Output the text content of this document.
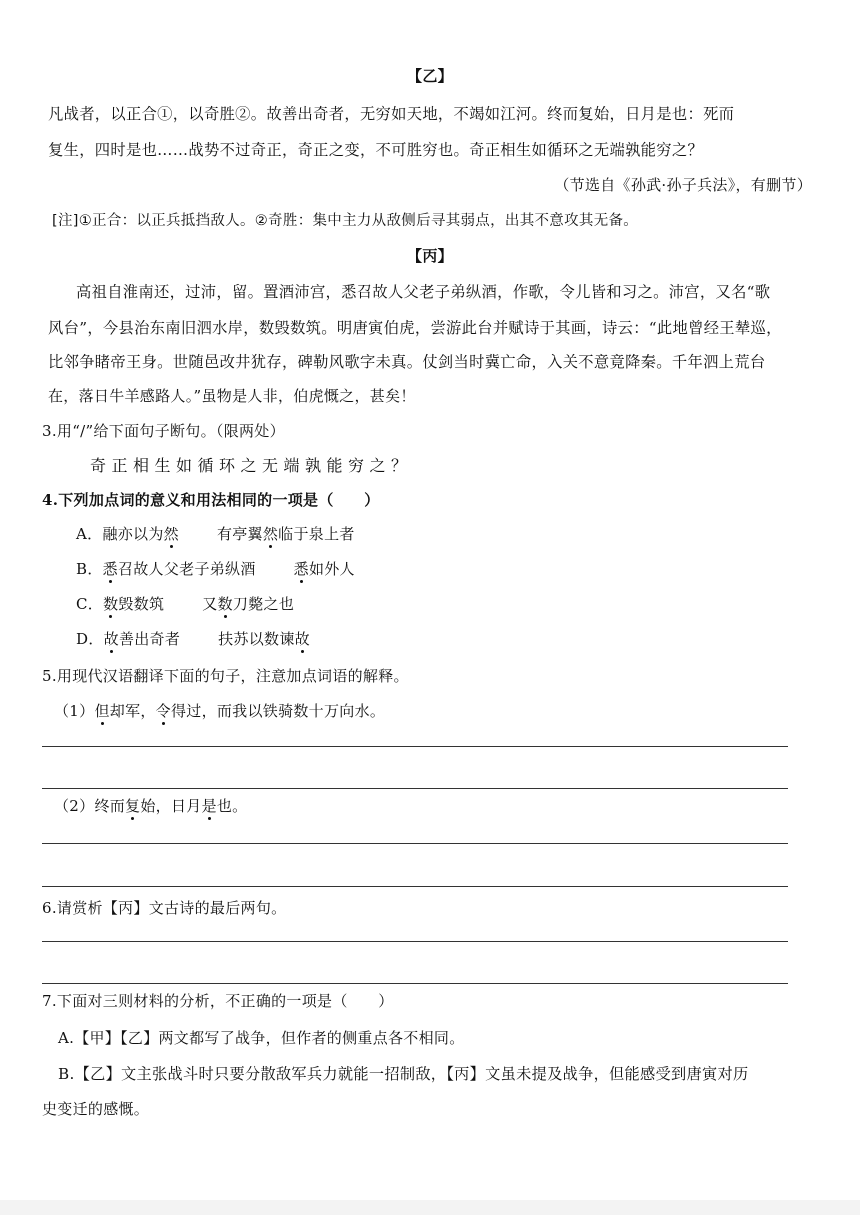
【乙】
凡战者，以正合①，以奇胜②。故善出奇者，无穷如天地，不竭如江河。终而复始，日月是也：死而
复生，四时是也……战势不过奇正，奇正之变，不可胜穷也。奇正相生如循环之无端孰能穷之？
（节选自《孙武·孙子兵法》，有删节）
[注]①正合：以正兵抵挡敌人。②奇胜：集中主力从敌侧后寻其弱点，出其不意攻其无备。
【丙】
高祖自淮南还，过沛，留。置酒沛宫，悉召故人父老子弟纵酒，作歌，令儿皆和习之。沛宫，又名“歌
风台”，今县治东南旧泗水岸，数毁数筑。明唐寅伯虎，尝游此台并赋诗于其画，诗云：“此地曾经王辇巡，
比邻争睹帝王身。世随邑改井犹存，碑勒风歌字未真。仗剑当时冀亡命，入关不意竟降秦。千年泗上荒台
在，落日牛羊感路人。”虽物是人非，伯虎慨之，甚矣！
3.用“/”给下面句子断句。（限两处）
奇正相生如循环之无端孰能穷之？
4.下列加点词的意义和用法相同的一项是（　　）
A．融亦以为然	有亭翼然临于泉上者
B．悉召故人父老子弟纵酒	悉如外人
C．数毁数筑	又数刀斃之也
D．故善出奇者	扶苏以数谏故
5.用现代汉语翻译下面的句子，注意加点词语的解释。
（1）但却军，令得过，而我以铁骑数十万向水。
（2）终而复始，日月是也。
6.请赏析【丙】文古诗的最后两句。
7.下面对三则材料的分析，不正确的一项是（　　）
A.【甲】【乙】两文都写了战争，但作者的侧重点各不相同。
B.【乙】文主张战斗时只要分散敌军兵力就能一招制敌，【丙】文虽未提及战争，但能感受到唐寅对历
史变迁的感慨。
